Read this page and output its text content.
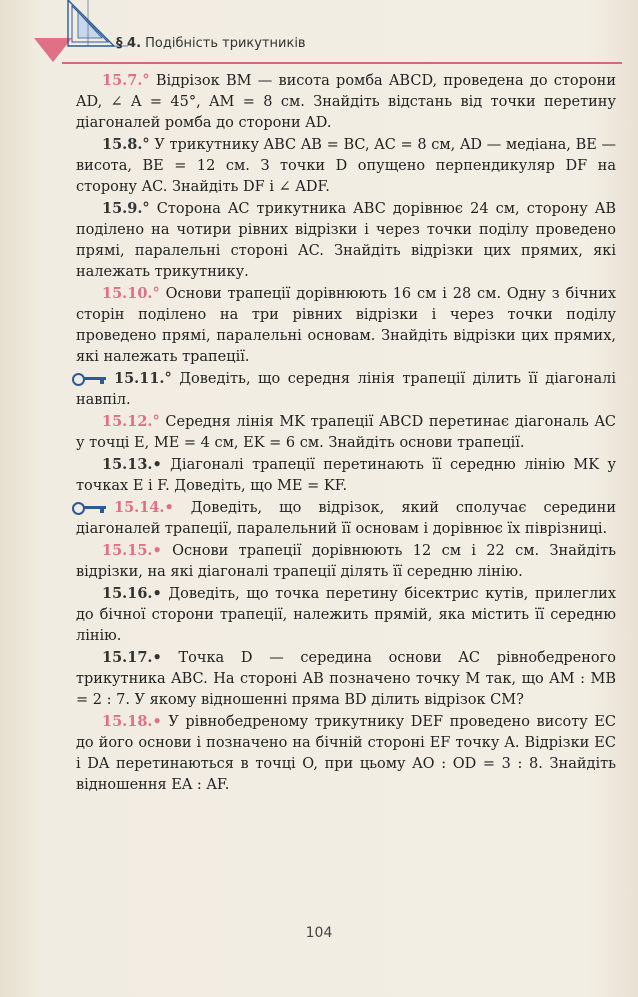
§ 4. Подібність трикутників

15.7.° Відрізок BM — висота ромба ABCD, проведена до сторони AD, ∠ A = 45°, AM = 8 см. Знайдіть відстань від точки перетину діагоналей ромба до сторони AD.

15.8.° У трикутнику ABC AB = BC, AC = 8 см, AD — медіана, BE — висота, BE = 12 см. З точки D опущено перпендикуляр DF на сторону AC. Знайдіть DF і ∠ ADF.

15.9.° Сторона AC трикутника ABC дорівнює 24 см, сторону AB поділено на чотири рівних відрізки і через точки поділу проведено прямі, паралельні стороні AC. Знайдіть відрізки цих прямих, які належать трикутнику.

15.10.° Основи трапеції дорівнюють 16 см і 28 см. Одну з бічних сторін поділено на три рівних відрізки і через точки поділу проведено прямі, паралельні основам. Знайдіть відрізки цих прямих, які належать трапеції.

15.11.° Доведіть, що середня лінія трапеції ділить її діагоналі навпіл.

15.12.° Середня лінія MK трапеції ABCD перетинає діагональ AC у точці E, ME = 4 см, EK = 6 см. Знайдіть основи трапеції.

15.13.• Діагоналі трапеції перетинають її середню лінію MK у точках E і F. Доведіть, що ME = KF.

15.14.• Доведіть, що відрізок, який сполучає середини діагоналей трапеції, паралельний її основам і дорівнює їх піврізниці.

15.15.• Основи трапеції дорівнюють 12 см і 22 см. Знайдіть відрізки, на які діагоналі трапеції ділять її середню лінію.

15.16.• Доведіть, що точка перетину бісектрис кутів, прилеглих до бічної сторони трапеції, належить прямій, яка містить її середню лінію.

15.17.• Точка D — середина основи AC рівнобедреного трикутника ABC. На стороні AB позначено точку M так, що AM : MB = 2 : 7. У якому відношенні пряма BD ділить відрізок CM?

15.18.• У рівнобедреному трикутнику DEF проведено висоту EC до його основи і позначено на бічній стороні EF точку A. Відрізки EC і DA перетинаються в точці O, при цьому AO : OD = 3 : 8. Знайдіть відношення EA : AF.

104
